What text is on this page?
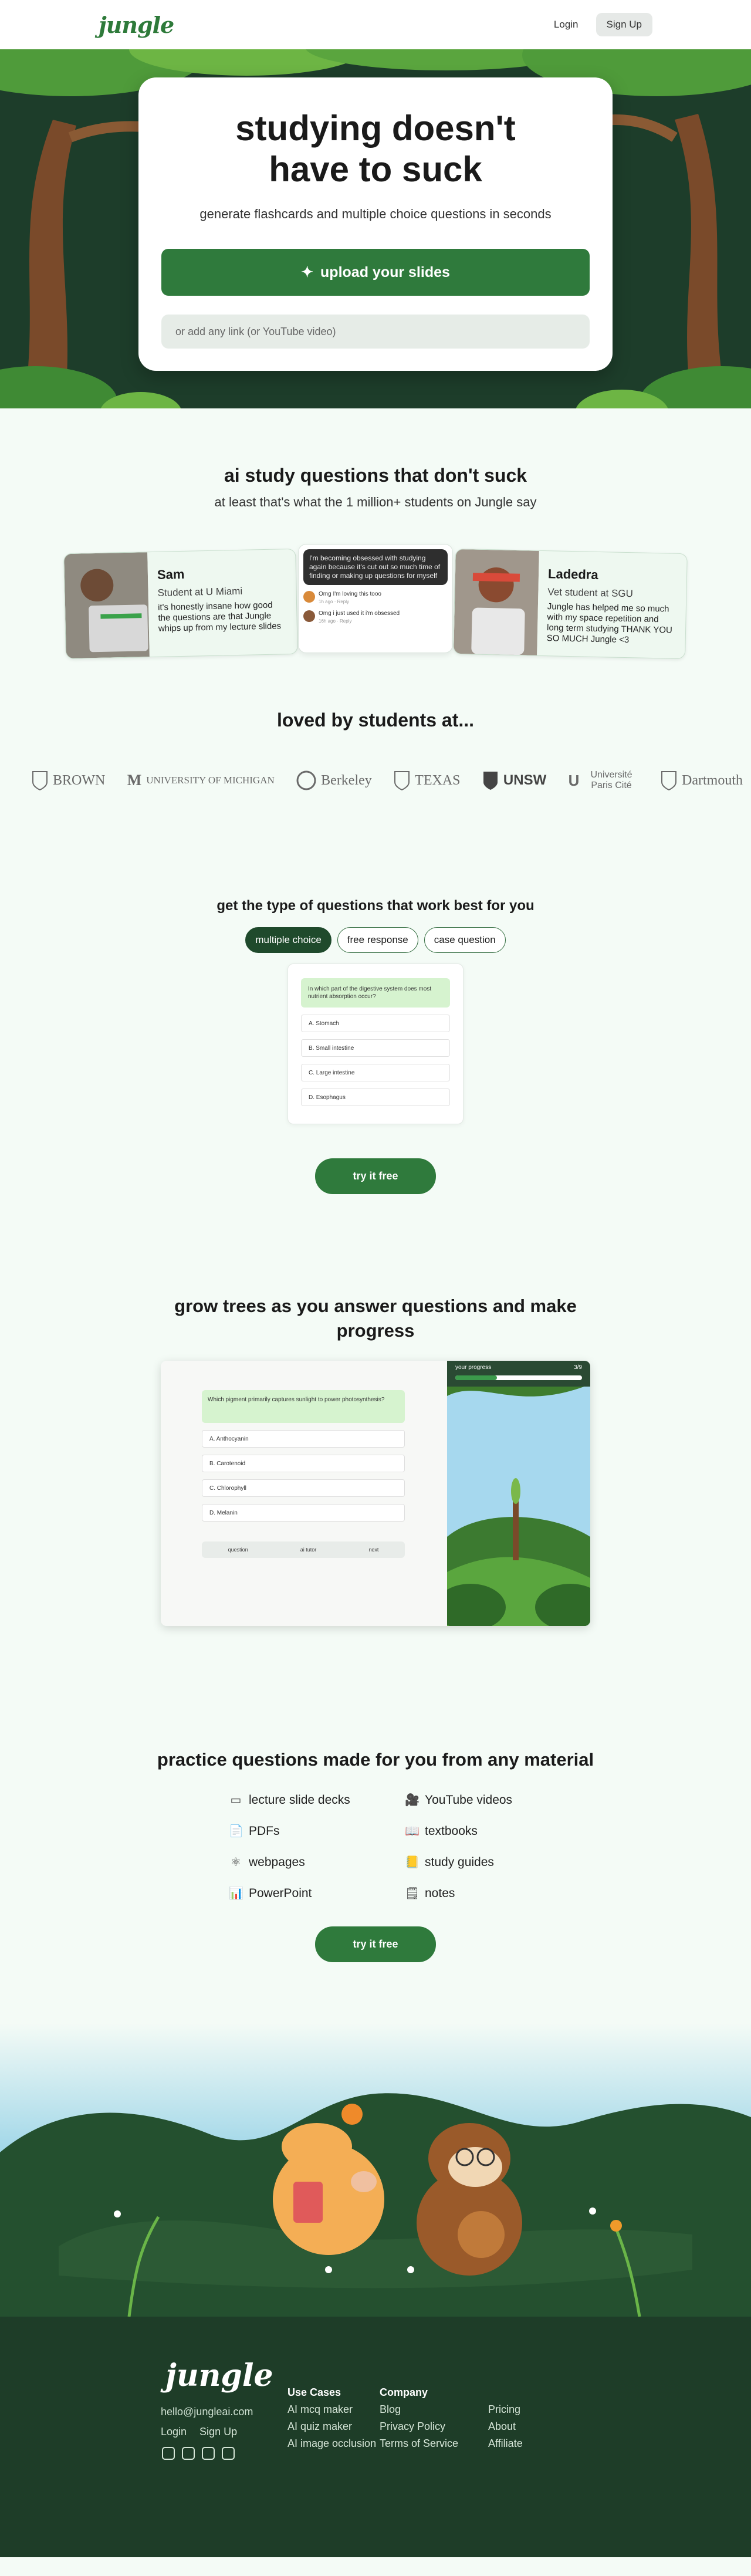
jungle	Login	Sign Up
studying doesn't have to suck

generate flashcards and multiple choice questions in seconds

✦ upload your slides
or add any link (or YouTube video)
ai study questions that don't suck

at least that's what the 1 million+ students on Jungle say

Sam
Student at U Miami
it's honestly insane how good the questions are that Jungle whips up from my lecture slides
I'm becoming obsessed with studying again because it's cut out so much time of finding or making up questions for myself
Omg I'm loving this tooo
1h ago · Reply
Omg i just used it i'm obsessed
16h ago · Reply
Ladedra
Vet student at SGU
Jungle has helped me so much with my space repetition and long term studying THANK YOU SO MUCH Jungle <3
loved by students at...
BROWN M UNIVERSITY OF MICHIGAN	Berkeley	TEXAS	UNSW U	Université Paris Cité	Dartmouth
get the type of questions that work best for you
multiple choice	free response	case question
In which part of the digestive system does most nutrient absorption occur?
A. Stomach
B. Small intestine
C. Large intestine
D. Esophagus
try it free
grow trees as you answer questions and make progress
Which pigment primarily captures sunlight to power photosynthesis?
A. Anthocyanin
B. Carotenoid
C. Chlorophyll
D. Melanin
question	ai tutor	next
your progress	3/9
practice questions made for you from any material
▭ lecture slide decks	🎥 YouTube videos
📄 PDFs	📖 textbooks
⚛ webpages	📒 study guides
📊 PowerPoint	🗒 notes
try it free
jungle
hello@jungleai.com
Login Sign Up
Use Cases
AI mcq maker
AI quiz maker
AI image occlusion
Company
Blog
Privacy Policy
Terms of Service
Pricing
About
Affiliate
